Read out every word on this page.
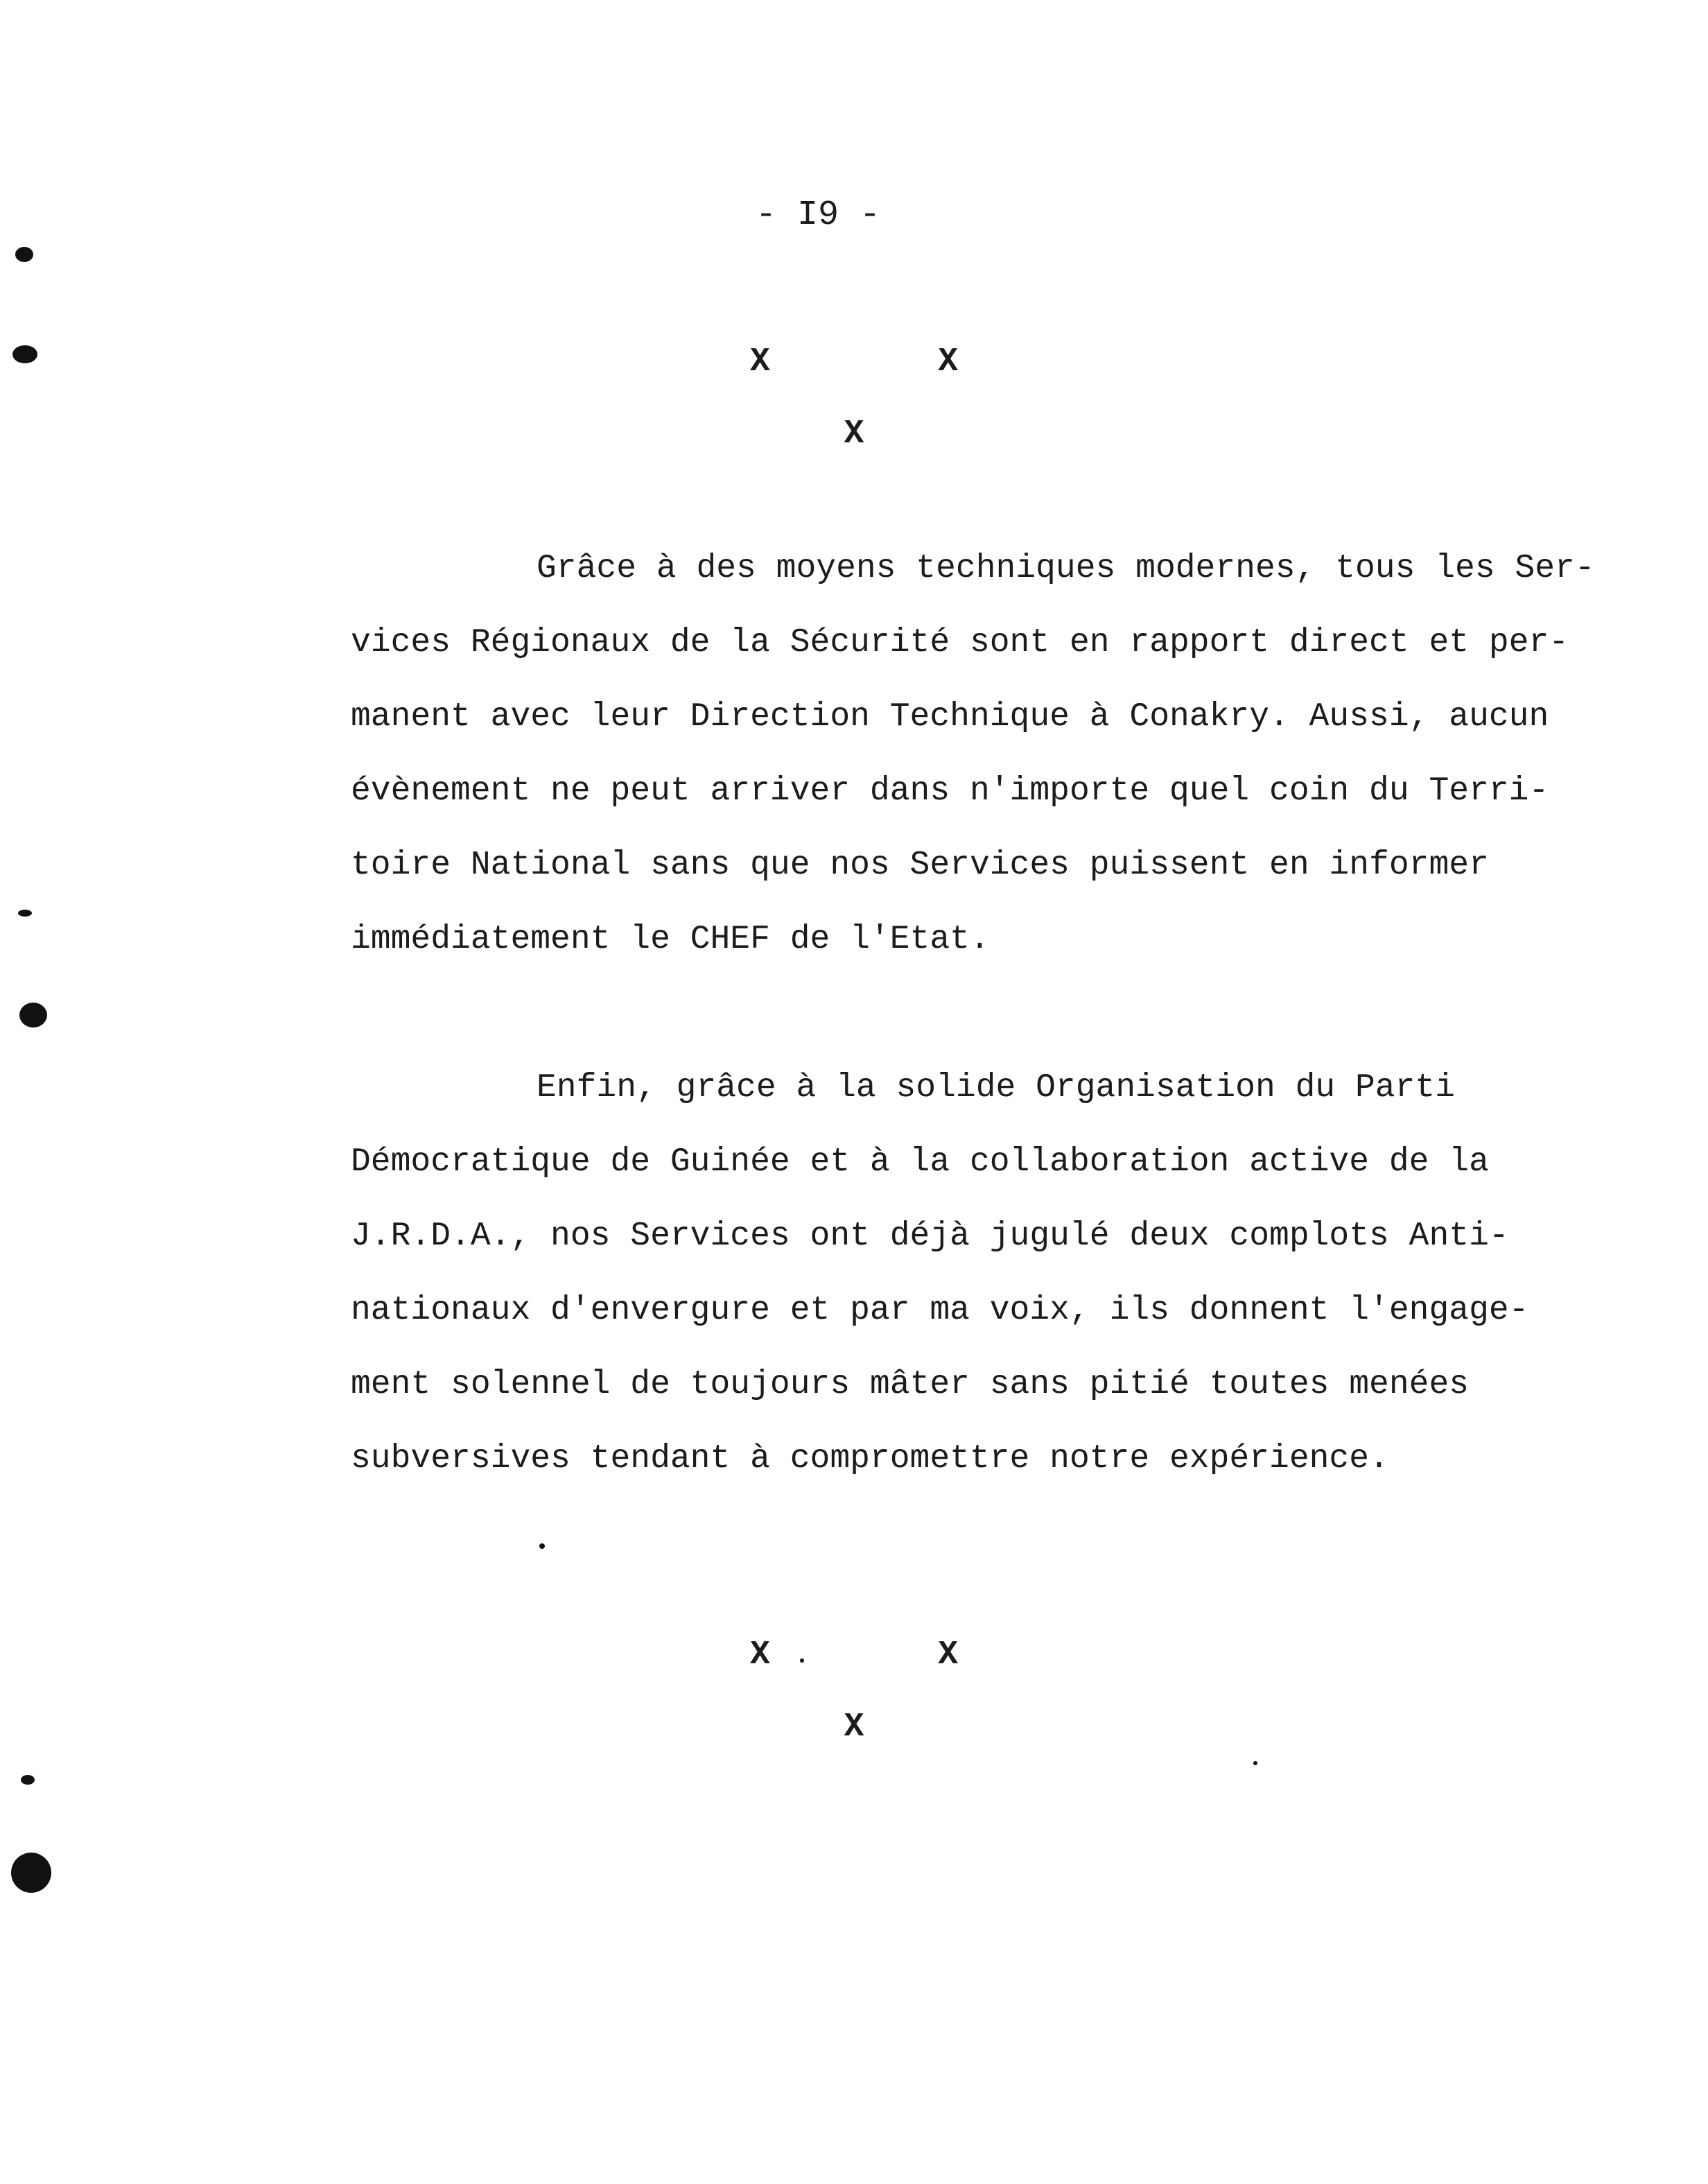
- I9 -
X	X
X
Grâce à des moyens techniques modernes, tous les Ser-
vices Régionaux de la Sécurité sont en rapport direct et per-
manent avec leur Direction Technique à Conakry. Aussi, aucun
évènement ne peut arriver dans n'importe quel coin du Terri-
toire National sans que nos Services puissent en informer
immédiatement le CHEF de l'Etat.
Enfin, grâce à la solide Organisation du Parti
Démocratique de Guinée et à la collaboration active de la
J.R.D.A., nos Services ont déjà jugulé deux complots Anti-
nationaux d'envergure et par ma voix, ils donnent l'engage-
ment solennel de toujours mâter sans pitié toutes menées
subversives tendant à compromettre notre expérience.
X	X
X
